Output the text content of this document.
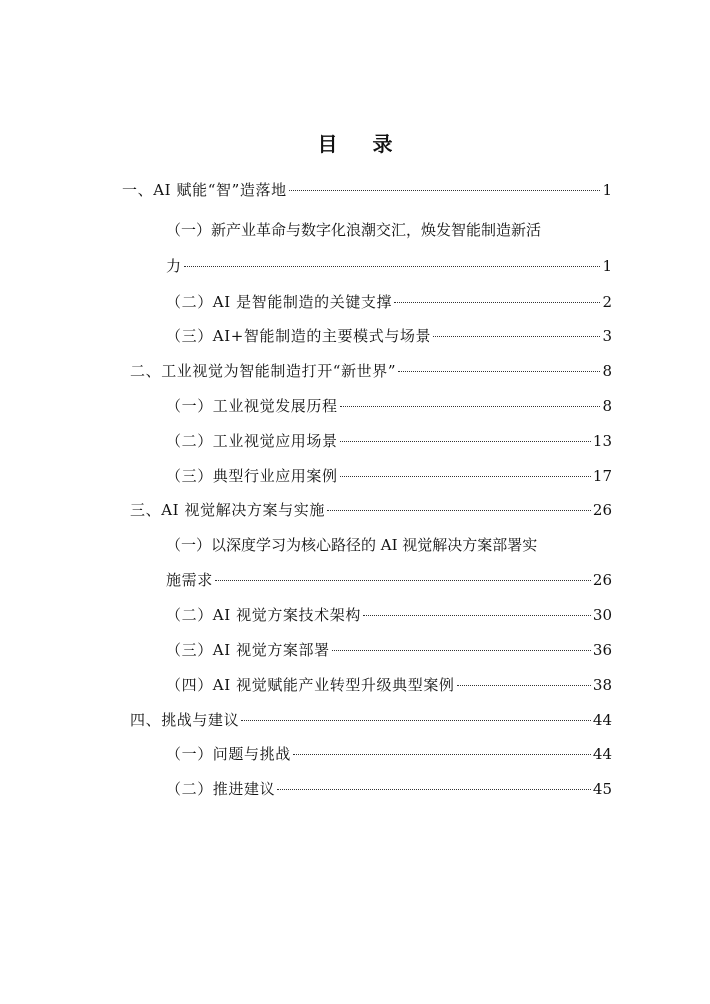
目 录
一、AI 赋能“智”造落地	1
（一）新产业革命与数字化浪潮交汇，焕发智能制造新活
力	1
（二）AI 是智能制造的关键支撑	2
（三）AI+智能制造的主要模式与场景	3
二、工业视觉为智能制造打开“新世界”	8
（一）工业视觉发展历程	8
（二）工业视觉应用场景	13
（三）典型行业应用案例	17
三、AI 视觉解决方案与实施	26
（一）以深度学习为核心路径的 AI 视觉解决方案部署实
施需求	26
（二）AI 视觉方案技术架构	30
（三）AI 视觉方案部署	36
（四）AI 视觉赋能产业转型升级典型案例	38
四、挑战与建议	44
（一）问题与挑战	44
（二）推进建议	45
